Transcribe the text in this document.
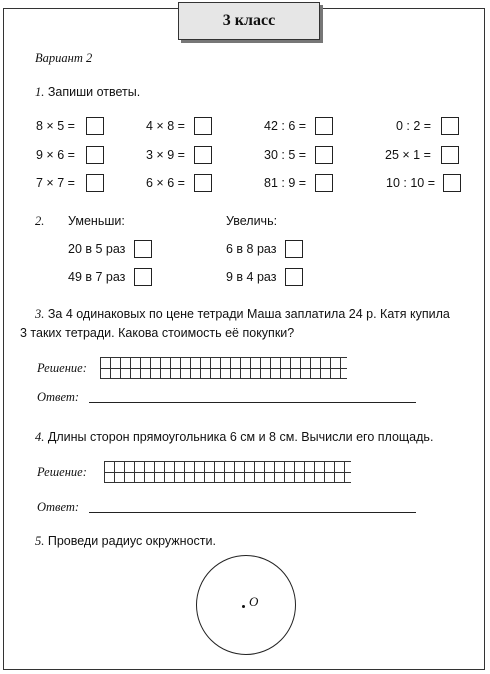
3 класс
Вариант 2
1. Запиши ответы.
8 × 5 =	4 × 8 =	42 : 6 =	0 : 2 =
9 × 6 =	3 × 9 =	30 : 5 =	25 × 1 =
7 × 7 =	6 × 6 =	81 : 9 =	10 : 10 =
2. Уменьши:	Увеличь:
20 в 5 раз	6 в 8 раз
49 в 7 раз	9 в 4 раз
3. За 4 одинаковых по цене тетради Маша заплатила 24 р. Катя купила
3 таких тетради. Какова стоимость её покупки?
Решение:
Ответ:
4. Длины сторон прямоугольника 6 см и 8 см. Вычисли его площадь.
Решение:
Ответ:
5. Проведи радиус окружности.
O
